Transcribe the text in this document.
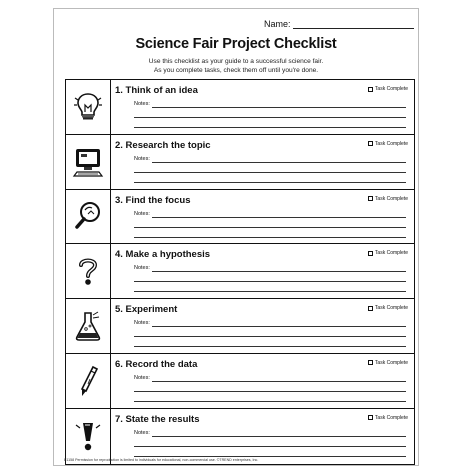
Name:
Science Fair Project Checklist
Use this checklist as your guide to a successful science fair.
As you complete tasks, check them off until you're done.
1. Think of an idea	Task Complete
Notes:
2. Research the topic	Task Complete
Notes:
3. Find the focus	Task Complete
Notes:
4. Make a hypothesis	Task Complete
Notes:
5. Experiment	Task Complete
Notes:
6. Record the data	Task Complete
Notes:
7. State the results	Task Complete
Notes:
E1158 Permission for reproduction is limited to individuals for educational, non-commercial use. ©TREND enterprises, Inc.
